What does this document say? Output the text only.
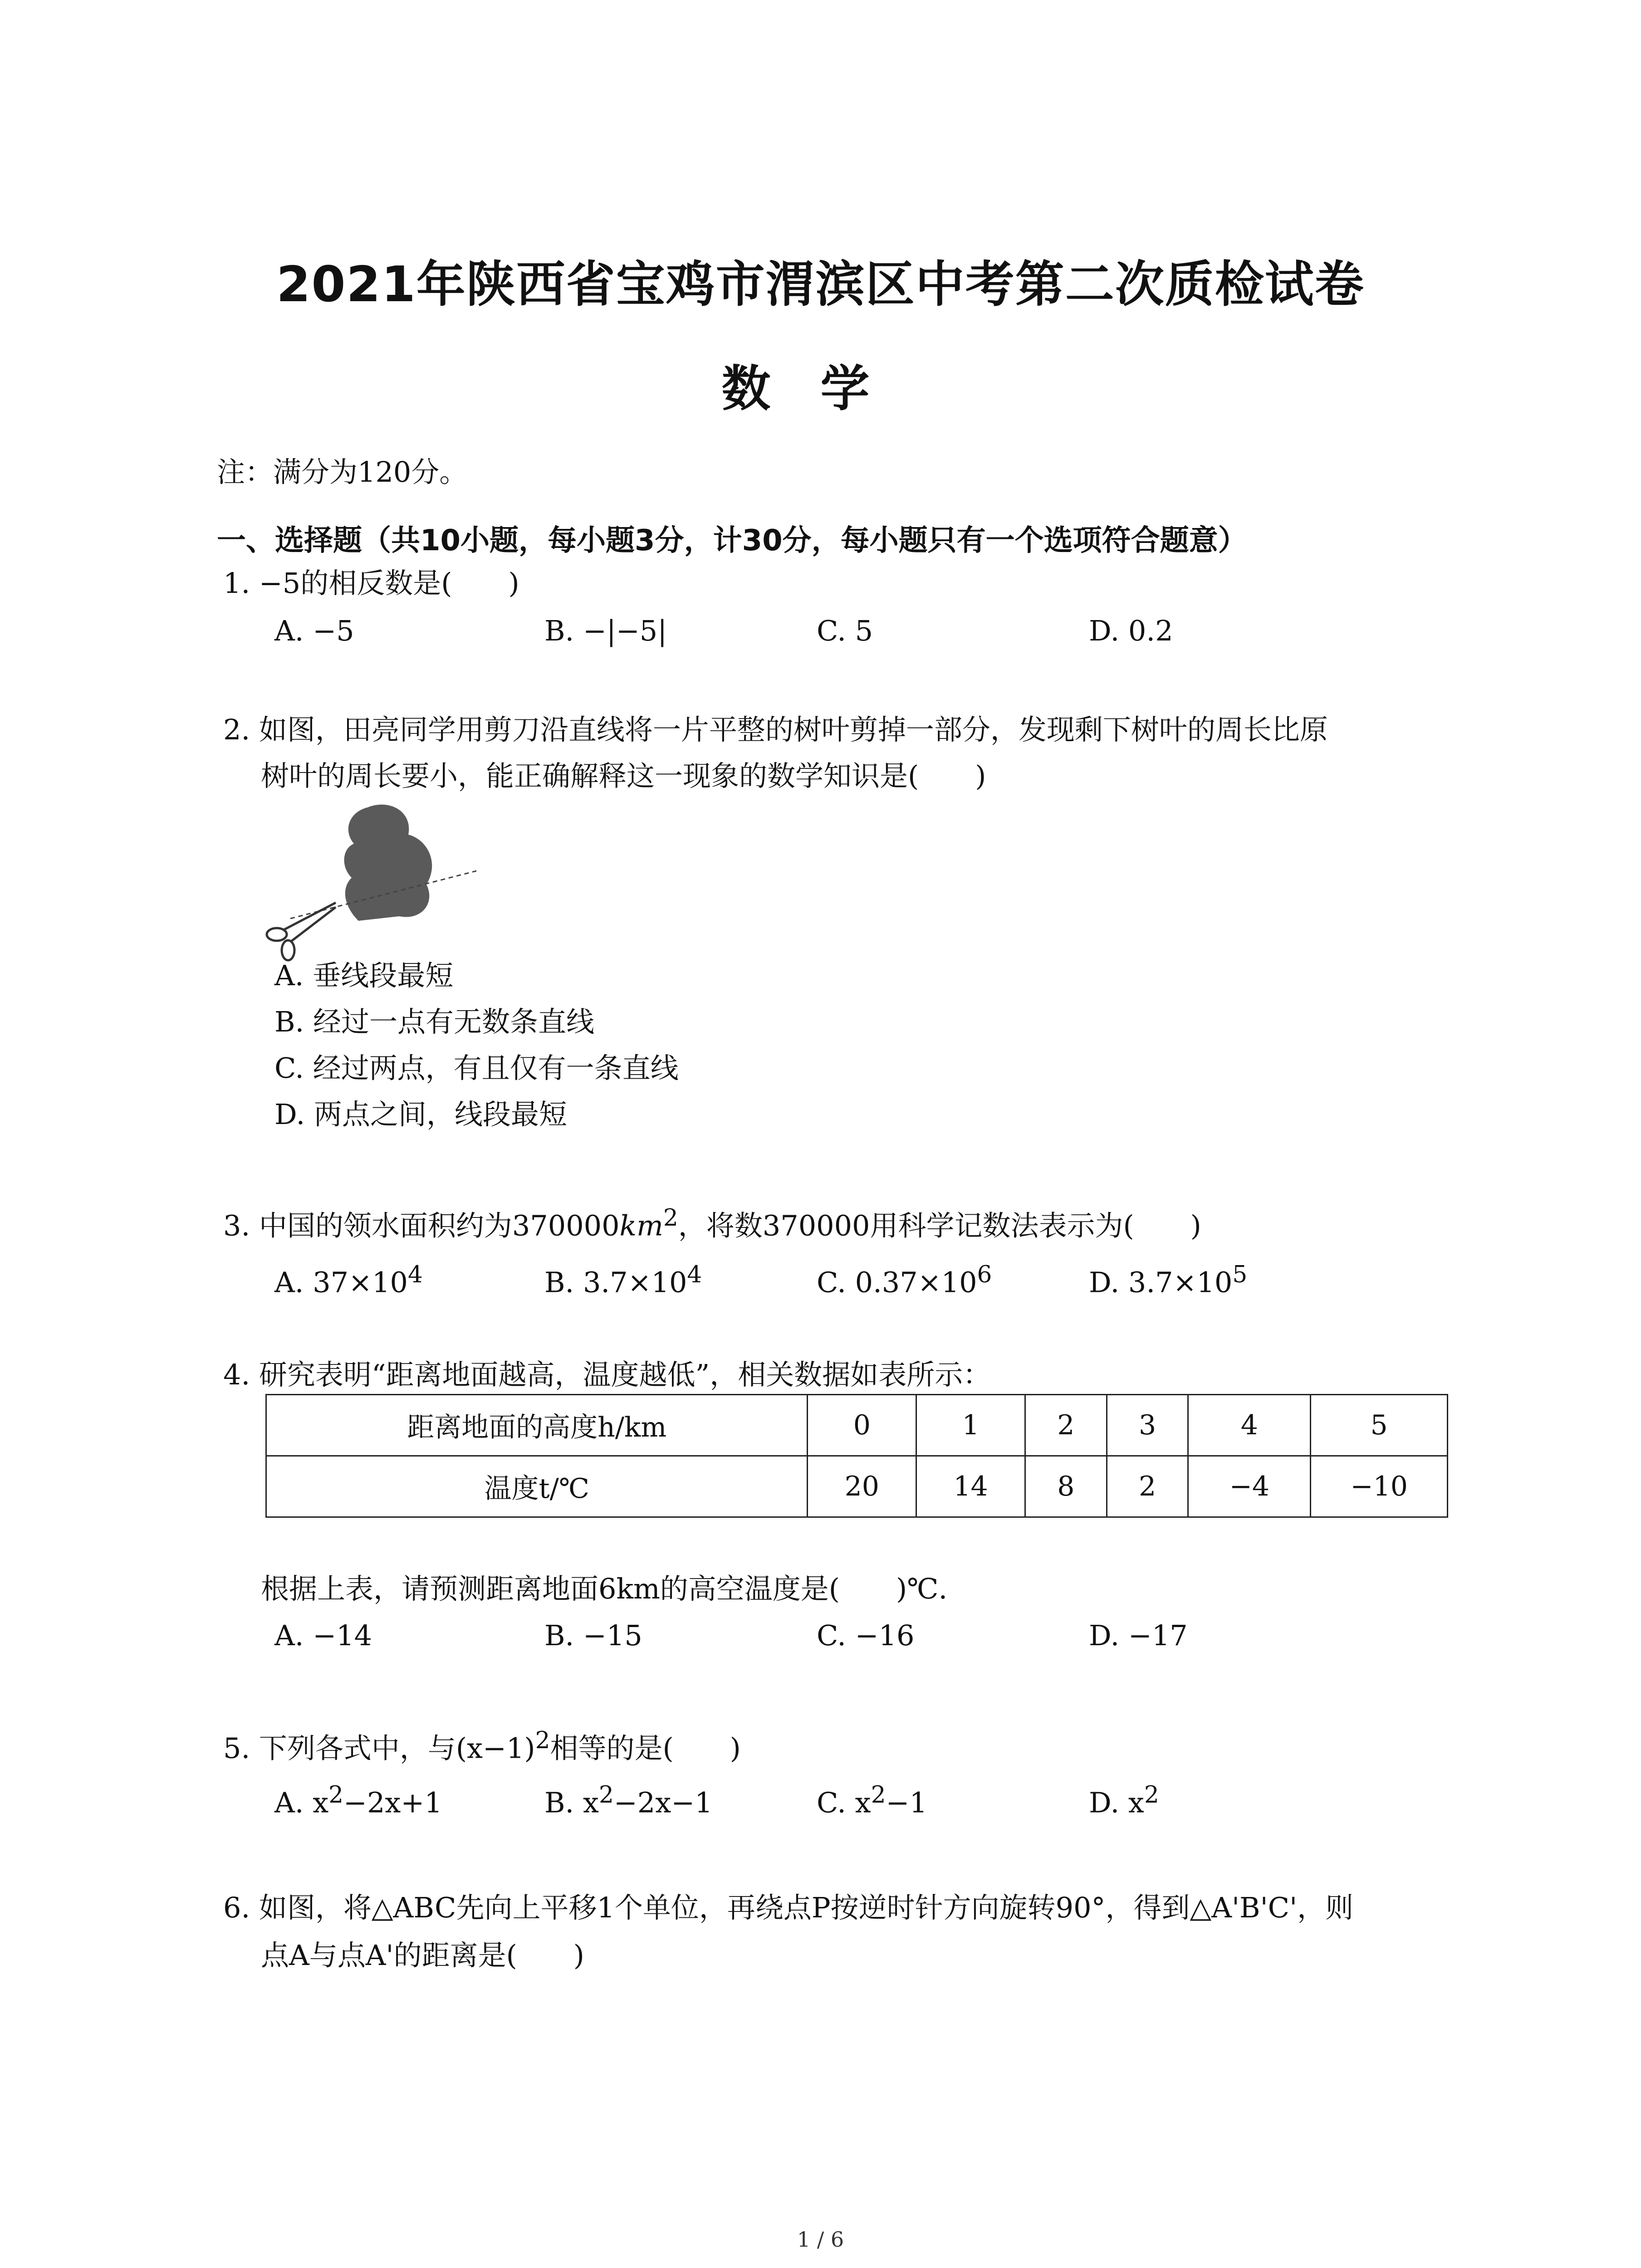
2021年陕西省宝鸡市渭滨区中考第二次质检试卷
数学
注：满分为120分。
一、选择题（共10小题，每小题3分，计30分，每小题只有一个选项符合题意）
1. −5的相反数是(　　)
A. −5	B. −|−5|	C. 5	D. 0.2
2. 如图，田亮同学用剪刀沿直线将一片平整的树叶剪掉一部分，发现剩下树叶的周长比原
树叶的周长要小，能正确解释这一现象的数学知识是(　　)
A. 垂线段最短
B. 经过一点有无数条直线
C. 经过两点，有且仅有一条直线
D. 两点之间，线段最短
3. 中国的领水面积约为$370000km^2$，将数370000用科学记数法表示为(　　)
A. $37\times 10^4$	B. $3.7\times 10^4$	C. $0.37\times 10^6$	D. $3.7\times 10^5$
4. 研究表明“距离地面越高，温度越低”，相关数据如表所示：
距离地面的高度h/km	0	1	2	3	4	5
温度t/℃	20	14	8	2	−4	−10
根据上表，请预测距离地面6km的高空温度是(　　)℃.
A. −14	B. −15	C. −16	D. −17
5. 下列各式中，与$(x-1)^2$相等的是(　　)
A. $x^2-2x+1$	B. $x^2-2x-1$	C. $x^2-1$	D. $x^2$
6. 如图，将△ABC先向上平移1个单位，再绕点P按逆时针方向旋转90°，得到△A'B'C'，则
点A与点A'的距离是(　　)
1 / 6
